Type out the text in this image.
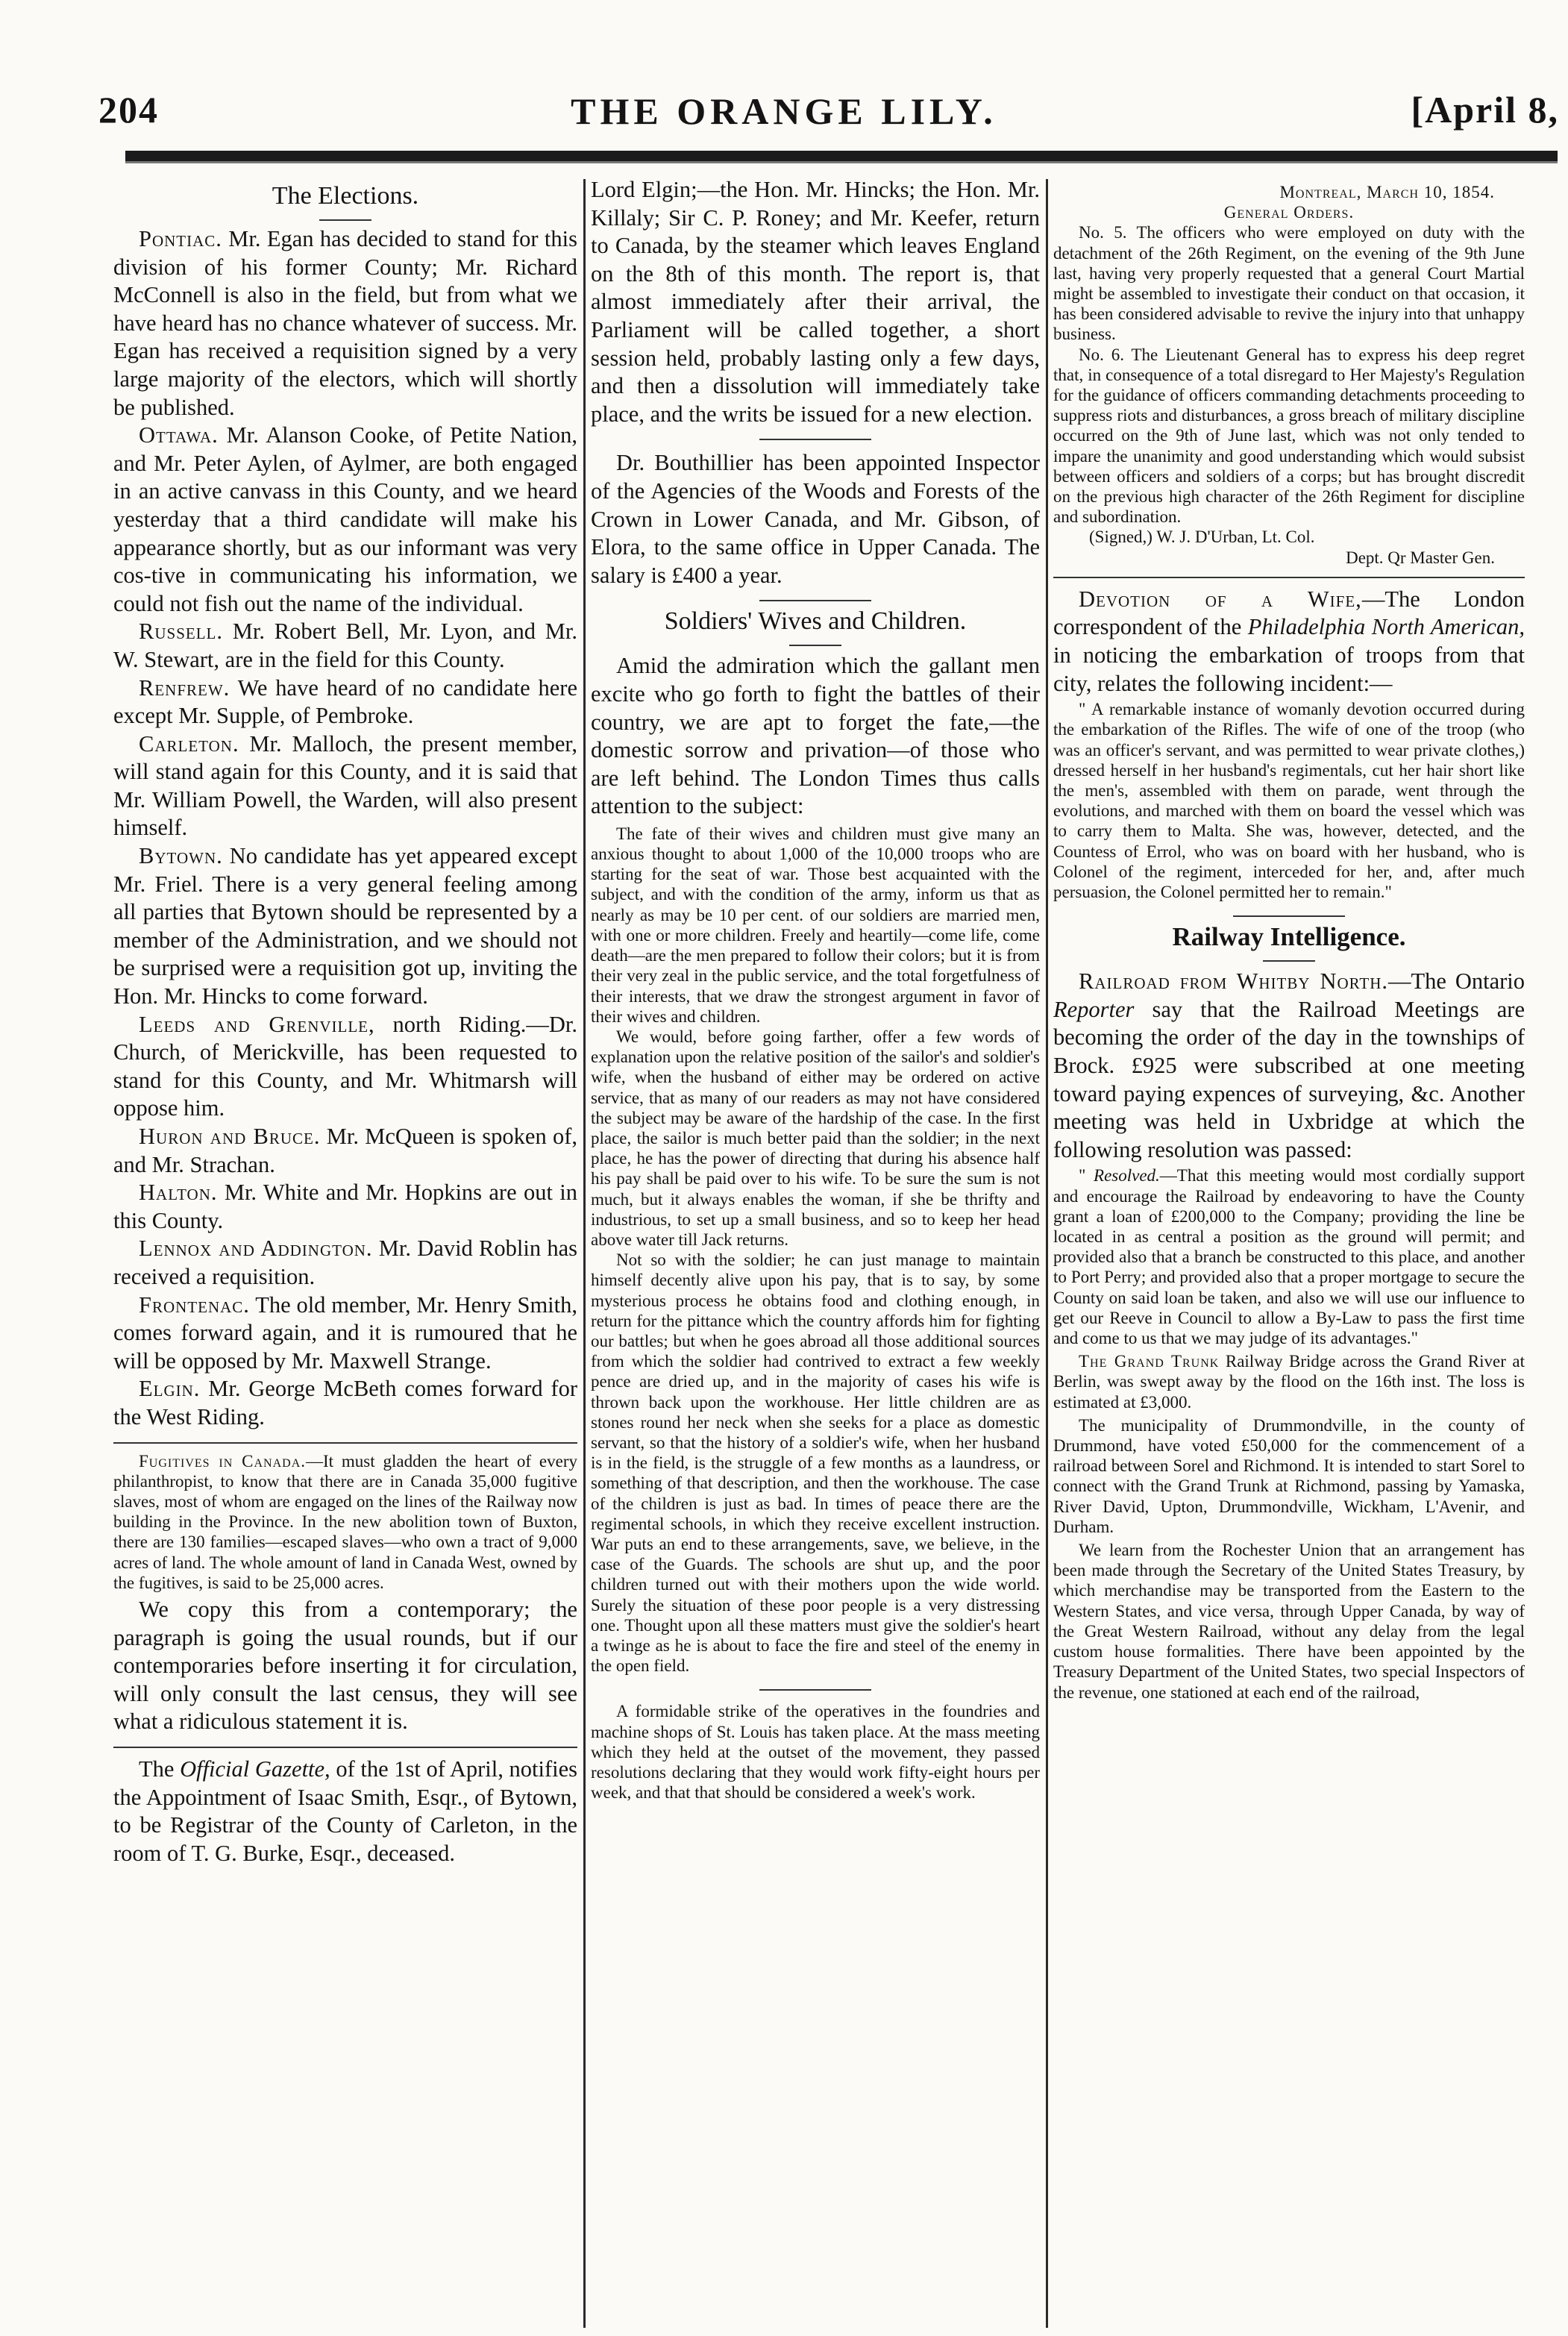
204	THE ORANGE LILY.	[April 8,
The Elections.

Pontiac. Mr. Egan has decided to stand for this division of his former County; Mr. Richard McConnell is also in the field, but from what we have heard has no chance whatever of success. Mr. Egan has received a requisition signed by a very large majority of the electors, which will shortly be published.

Ottawa. Mr. Alanson Cooke, of Petite Nation, and Mr. Peter Aylen, of Aylmer, are both engaged in an active canvass in this County, and we heard yesterday that a third candidate will make his appearance shortly, but as our informant was very cos-tive in communicating his information, we could not fish out the name of the individual.

Russell. Mr. Robert Bell, Mr. Lyon, and Mr. W. Stewart, are in the field for this County.

Renfrew. We have heard of no candidate here except Mr. Supple, of Pembroke.

Carleton. Mr. Malloch, the present member, will stand again for this County, and it is said that Mr. William Powell, the Warden, will also present himself.

Bytown. No candidate has yet appeared except Mr. Friel. There is a very general feeling among all parties that Bytown should be represented by a member of the Administration, and we should not be surprised were a requisition got up, inviting the Hon. Mr. Hincks to come forward.

Leeds and Grenville, north Riding.—Dr. Church, of Merickville, has been requested to stand for this County, and Mr. Whitmarsh will oppose him.

Huron and Bruce. Mr. McQueen is spoken of, and Mr. Strachan.

Halton. Mr. White and Mr. Hopkins are out in this County.

Lennox and Addington. Mr. David Roblin has received a requisition.

Frontenac. The old member, Mr. Henry Smith, comes forward again, and it is rumoured that he will be opposed by Mr. Maxwell Strange.

Elgin. Mr. George McBeth comes forward for the West Riding.

Fugitives in Canada.—It must gladden the heart of every philanthropist, to know that there are in Canada 35,000 fugitive slaves, most of whom are engaged on the lines of the Railway now building in the Province. In the new abolition town of Buxton, there are 130 families—escaped slaves—who own a tract of 9,000 acres of land. The whole amount of land in Canada West, owned by the fugitives, is said to be 25,000 acres.

We copy this from a contemporary; the paragraph is going the usual rounds, but if our contemporaries before inserting it for circulation, will only consult the last census, they will see what a ridiculous statement it is.

The Official Gazette, of the 1st of April, notifies the Appointment of Isaac Smith, Esqr., of Bytown, to be Registrar of the County of Carleton, in the room of T. G. Burke, Esqr., deceased.

Lord Elgin;—the Hon. Mr. Hincks; the Hon. Mr. Killaly; Sir C. P. Roney; and Mr. Keefer, return to Canada, by the steamer which leaves England on the 8th of this month. The report is, that almost immediately after their arrival, the Parliament will be called together, a short session held, probably lasting only a few days, and then a dissolution will immediately take place, and the writs be issued for a new election.

Dr. Bouthillier has been appointed Inspector of the Agencies of the Woods and Forests of the Crown in Lower Canada, and Mr. Gibson, of Elora, to the same office in Upper Canada. The salary is £400 a year.

Soldiers' Wives and Children.

Amid the admiration which the gallant men excite who go forth to fight the battles of their country, we are apt to forget the fate,—the domestic sorrow and privation—of those who are left behind. The London Times thus calls attention to the subject:

The fate of their wives and children must give many an anxious thought to about 1,000 of the 10,000 troops who are starting for the seat of war. Those best acquainted with the subject, and with the condition of the army, inform us that as nearly as may be 10 per cent. of our soldiers are married men, with one or more children. Freely and heartily—come life, come death—are the men prepared to follow their colors; but it is from their very zeal in the public service, and the total forgetfulness of their interests, that we draw the strongest argument in favor of their wives and children.

We would, before going farther, offer a few words of explanation upon the relative position of the sailor's and soldier's wife, when the husband of either may be ordered on active service, that as many of our readers as may not have considered the subject may be aware of the hardship of the case. In the first place, the sailor is much better paid than the soldier; in the next place, he has the power of directing that during his absence half his pay shall be paid over to his wife. To be sure the sum is not much, but it always enables the woman, if she be thrifty and industrious, to set up a small business, and so to keep her head above water till Jack returns.

Not so with the soldier; he can just manage to maintain himself decently alive upon his pay, that is to say, by some mysterious process he obtains food and clothing enough, in return for the pittance which the country affords him for fighting our battles; but when he goes abroad all those additional sources from which the soldier had contrived to extract a few weekly pence are dried up, and in the majority of cases his wife is thrown back upon the workhouse. Her little children are as stones round her neck when she seeks for a place as domestic servant, so that the history of a soldier's wife, when her husband is in the field, is the struggle of a few months as a laundress, or something of that description, and then the workhouse. The case of the children is just as bad. In times of peace there are the regimental schools, in which they receive excellent instruction. War puts an end to these arrangements, save, we believe, in the case of the Guards. The schools are shut up, and the poor children turned out with their mothers upon the wide world. Surely the situation of these poor people is a very distressing one. Thought upon all these matters must give the soldier's heart a twinge as he is about to face the fire and steel of the enemy in the open field.

A formidable strike of the operatives in the foundries and machine shops of St. Louis has taken place. At the mass meeting which they held at the outset of the movement, they passed resolutions declaring that they would work fifty-eight hours per week, and that that should be considered a week's work.

Montreal, March 10, 1854.

General Orders.

No. 5. The officers who were employed on duty with the detachment of the 26th Regiment, on the evening of the 9th June last, having very properly requested that a general Court Martial might be assembled to investigate their conduct on that occasion, it has been considered advisable to revive the injury into that unhappy business.

No. 6. The Lieutenant General has to express his deep regret that, in consequence of a total disregard to Her Majesty's Regulation for the guidance of officers commanding detachments proceeding to suppress riots and disturbances, a gross breach of military discipline occurred on the 9th of June last, which was not only tended to impare the unanimity and good understanding which would subsist between officers and soldiers of a corps; but has brought discredit on the previous high character of the 26th Regiment for discipline and subordination.

(Signed,) W. J. D'Urban, Lt. Col.

Dept. Qr Master Gen.

Devotion of a Wife,—The London correspondent of the Philadelphia North American, in noticing the embarkation of troops from that city, relates the following incident:—

" A remarkable instance of womanly devotion occurred during the embarkation of the Rifles. The wife of one of the troop (who was an officer's servant, and was permitted to wear private clothes,) dressed herself in her husband's regimentals, cut her hair short like the men's, assembled with them on parade, went through the evolutions, and marched with them on board the vessel which was to carry them to Malta. She was, however, detected, and the Countess of Errol, who was on board with her husband, who is Colonel of the regiment, interceded for her, and, after much persuasion, the Colonel permitted her to remain."

Railway Intelligence.

Railroad from Whitby North.—The Ontario Reporter say that the Railroad Meetings are becoming the order of the day in the townships of Brock. £925 were subscribed at one meeting toward paying expences of surveying, &c. Another meeting was held in Uxbridge at which the following resolution was passed:

" Resolved.—That this meeting would most cordially support and encourage the Railroad by endeavoring to have the County grant a loan of £200,000 to the Company; providing the line be located in as central a position as the ground will permit; and provided also that a branch be constructed to this place, and another to Port Perry; and provided also that a proper mortgage to secure the County on said loan be taken, and also we will use our influence to get our Reeve in Council to allow a By-Law to pass the first time and come to us that we may judge of its advantages."

The Grand Trunk Railway Bridge across the Grand River at Berlin, was swept away by the flood on the 16th inst. The loss is estimated at £3,000.

The municipality of Drummondville, in the county of Drummond, have voted £50,000 for the commencement of a railroad between Sorel and Richmond. It is intended to start Sorel to connect with the Grand Trunk at Richmond, passing by Yamaska, River David, Upton, Drummondville, Wickham, L'Avenir, and Durham.

We learn from the Rochester Union that an arrangement has been made through the Secretary of the United States Treasury, by which merchandise may be transported from the Eastern to the Western States, and vice versa, through Upper Canada, by way of the Great Western Railroad, without any delay from the legal custom house formalities. There have been appointed by the Treasury Department of the United States, two special Inspectors of the revenue, one stationed at each end of the railroad,
